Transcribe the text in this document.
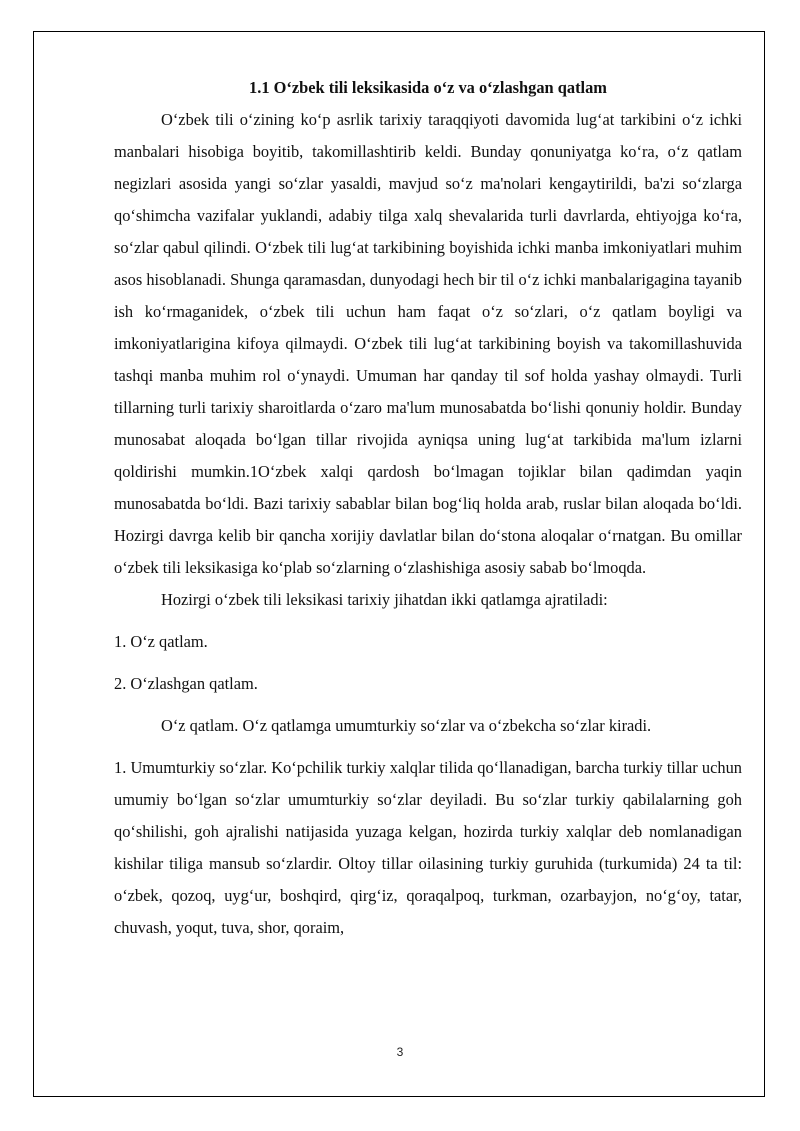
1.1 O‘zbek tili leksikasida o‘z va o‘zlashgan qatlam

O‘zbek tili o‘zining ko‘p asrlik tarixiy taraqqiyoti davomida lug‘at tarkibini o‘z ichki manbalari hisobiga boyitib, takomillashtirib keldi. Bunday qonuniyatga ko‘ra, o‘z qatlam negizlari asosida yangi so‘zlar yasaldi, mavjud so‘z ma'nolari kengaytirildi, ba'zi so‘zlarga qo‘shimcha vazifalar yuklandi, adabiy tilga xalq shevalarida turli davrlarda, ehtiyojga ko‘ra, so‘zlar qabul qilindi. O‘zbek tili lug‘at tarkibining boyishida ichki manba imkoniyatlari muhim asos hisoblanadi. Shunga qaramasdan, dunyodagi hech bir til o‘z ichki manbalarigagina tayanib ish ko‘rmaganidek, o‘zbek tili uchun ham faqat o‘z so‘zlari, o‘z qatlam boyligi va imkoniyatlarigina kifoya qilmaydi. O‘zbek tili lug‘at tarkibining boyish va takomillashuvida tashqi manba muhim rol o‘ynaydi. Umuman har qanday til sof holda yashay olmaydi. Turli tillarning turli tarixiy sharoitlarda o‘zaro ma'lum munosabatda bo‘lishi qonuniy holdir. Bunday munosabat aloqada bo‘lgan tillar rivojida ayniqsa uning lug‘at tarkibida ma'lum izlarni qoldirishi mumkin.1O‘zbek xalqi qardosh bo‘lmagan tojiklar bilan qadimdan yaqin munosabatda bo‘ldi. Bazi tarixiy sabablar bilan bog‘liq holda arab, ruslar bilan aloqada bo‘ldi. Hozirgi davrga kelib bir qancha xorijiy davlatlar bilan do‘stona aloqalar o‘rnatgan. Bu omillar o‘zbek tili leksikasiga ko‘plab so‘zlarning o‘zlashishiga asosiy sabab bo‘lmoqda.

Hozirgi o‘zbek tili leksikasi tarixiy jihatdan ikki qatlamga ajratiladi:

1. O‘z qatlam.

2. O‘zlashgan qatlam.

O‘z qatlam. O‘z qatlamga umumturkiy so‘zlar va o‘zbekcha so‘zlar kiradi.

1. Umumturkiy so‘zlar. Ko‘pchilik turkiy xalqlar tilida qo‘llanadigan, barcha turkiy tillar uchun umumiy bo‘lgan so‘zlar umumturkiy so‘zlar deyiladi. Bu so‘zlar turkiy qabilalarning goh qo‘shilishi, goh ajralishi natijasida yuzaga kelgan, hozirda turkiy xalqlar deb nomlanadigan kishilar tiliga mansub so‘zlardir. Oltoy tillar oilasining turkiy guruhida (turkumida) 24 ta til: o‘zbek, qozoq, uyg‘ur, boshqird, qirg‘iz, qoraqalpoq, turkman, ozarbayjon, no‘g‘oy, tatar, chuvash, yoqut, tuva, shor, qoraim,

3
